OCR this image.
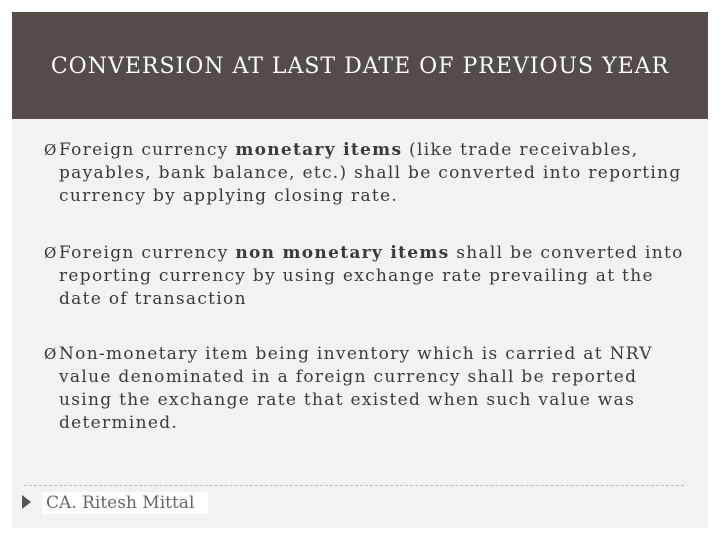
CONVERSION AT LAST DATE OF PREVIOUS YEAR
Ø Foreign currency monetary items (like trade receivables, payables, bank balance, etc.) shall be converted into reporting currency by applying closing rate.
Ø Foreign currency non monetary items shall be converted into reporting currency by using exchange rate prevailing at the date of transaction
Ø Non-monetary item being inventory which is carried at NRV value denominated in a foreign currency shall be reported using the exchange rate that existed when such value was determined.
CA. Ritesh Mittal
